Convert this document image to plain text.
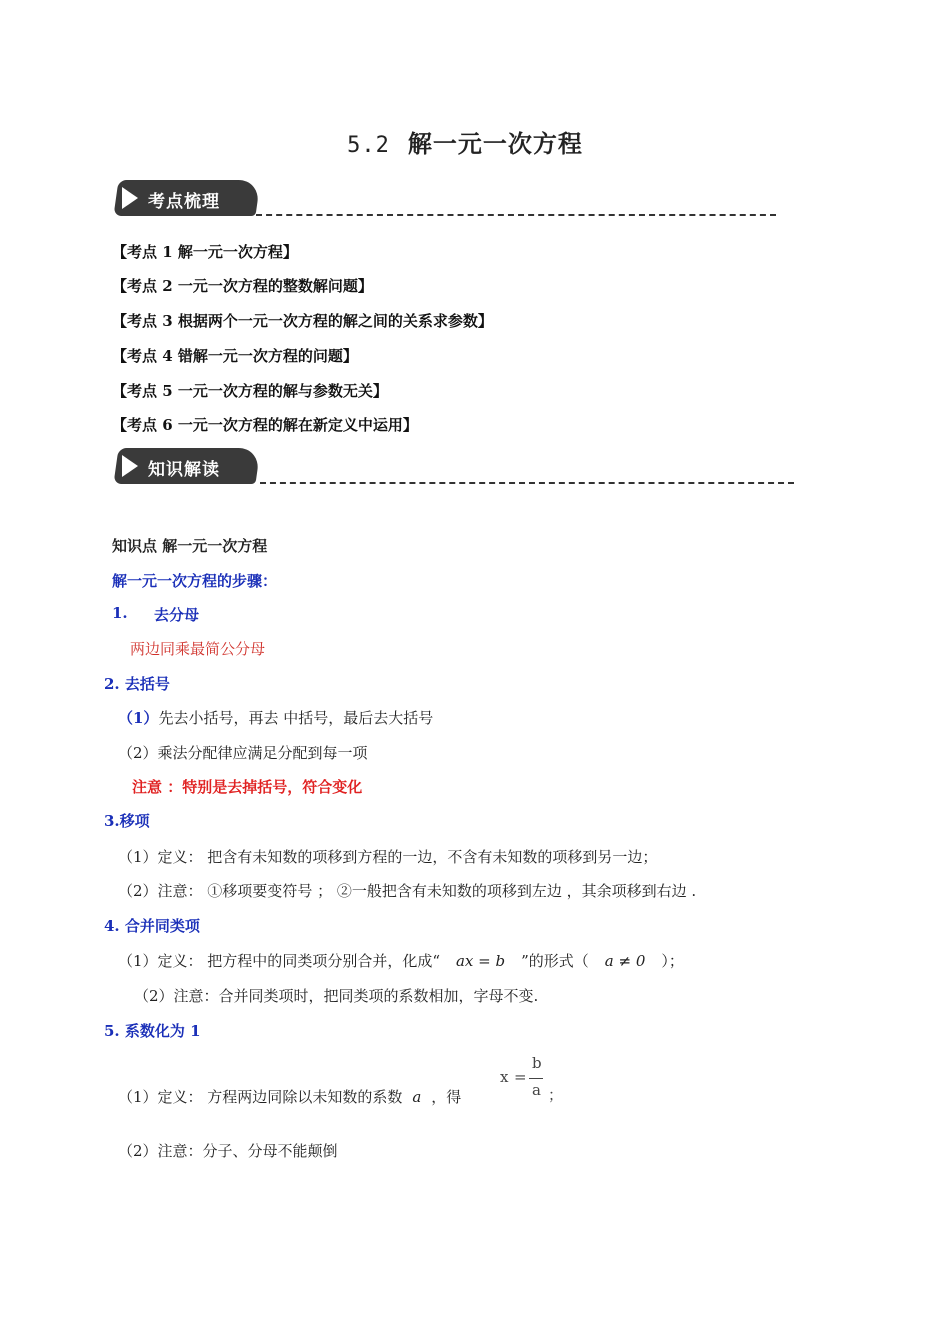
5.2 解一元一次方程
考点梳理
【考点 1 解一元一次方程】
【考点 2 一元一次方程的整数解问题】
【考点 3 根据两个一元一次方程的解之间的关系求参数】
【考点 4 错解一元一次方程的问题】
【考点 5 一元一次方程的解与参数无关】
【考点 6 一元一次方程的解在新定义中运用】
知识解读
知识点 解一元一次方程
解一元一次方程的步骤：
1. 去分母
两边同乘最简公分母
2. 去括号
（1）先去小括号，再去 中括号，最后去大括号
（2）乘法分配律应满足分配到每一项
注意 ：特别是去掉括号，符合变化
3.移项
（1）定义： 把含有未知数的项移到方程的一边，不含有未知数的项移到另一边；
（2）注意： ①移项要变符号 ； ②一般把含有未知数的项移到左边 ，其余项移到右边 .
4. 合并同类项
（1）定义： 把方程中的同类项分别合并，化成“ ax = b ”的形式（ a ≠ 0 ）；
（2）注意：合并同类项时，把同类项的系数相加，字母不变.
5. 系数化为 1
（1）定义： 方程两边同除以未知数的系数 a ，得
x =
b
a ；
（2）注意：分子、分母不能颠倒
